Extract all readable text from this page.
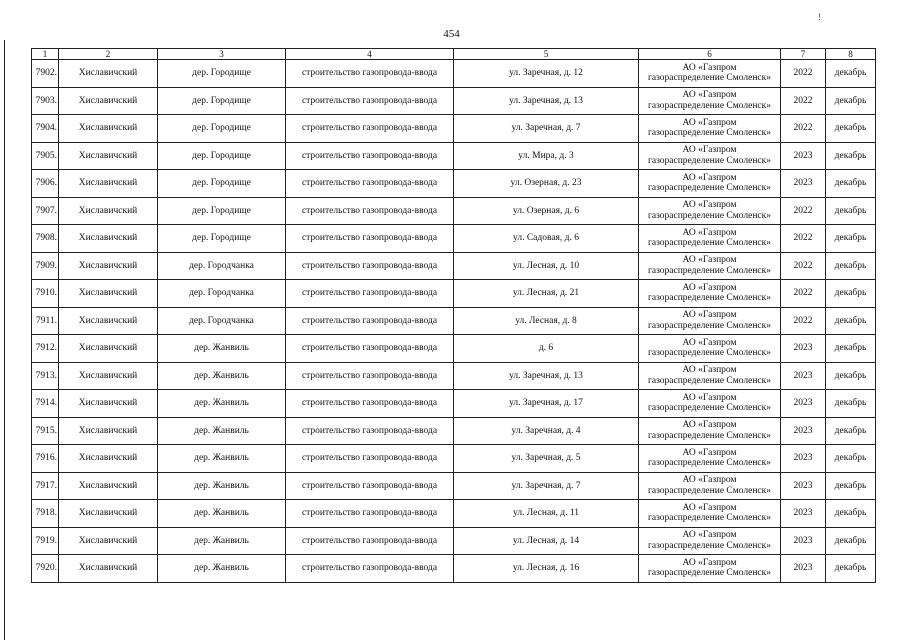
!
454
1	2	3	4	5	6	7	8
7902.	Хиславичский	дер. Городище	строительство газопровода-ввода	ул. Заречная, д. 12	АО «Газпром
газораспределение Смоленск»	2022	декабрь
7903.	Хиславичский	дер. Городище	строительство газопровода-ввода	ул. Заречная, д. 13	АО «Газпром
газораспределение Смоленск»	2022	декабрь
7904.	Хиславичский	дер. Городище	строительство газопровода-ввода	ул. Заречная, д. 7	АО «Газпром
газораспределение Смоленск»	2022	декабрь
7905.	Хиславичский	дер. Городище	строительство газопровода-ввода	ул. Мира, д. 3	АО «Газпром
газораспределение Смоленск»	2023	декабрь
7906.	Хиславичский	дер. Городище	строительство газопровода-ввода	ул. Озерная, д. 23	АО «Газпром
газораспределение Смоленск»	2023	декабрь
7907.	Хиславичский	дер. Городище	строительство газопровода-ввода	ул. Озерная, д. 6	АО «Газпром
газораспределение Смоленск»	2022	декабрь
7908.	Хиславичский	дер. Городище	строительство газопровода-ввода	ул. Садовая, д. 6	АО «Газпром
газораспределение Смоленск»	2022	декабрь
7909.	Хиславичский	дер. Городчанка	строительство газопровода-ввода	ул. Лесная, д. 10	АО «Газпром
газораспределение Смоленск»	2022	декабрь
7910.	Хиславичский	дер. Городчанка	строительство газопровода-ввода	ул. Лесная, д. 21	АО «Газпром
газораспределение Смоленск»	2022	декабрь
7911.	Хиславичский	дер. Городчанка	строительство газопровода-ввода	ул. Лесная, д. 8	АО «Газпром
газораспределение Смоленск»	2022	декабрь
7912.	Хиславичский	дер. Жанвиль	строительство газопровода-ввода	д. 6	АО «Газпром
газораспределение Смоленск»	2023	декабрь
7913.	Хиславичский	дер. Жанвиль	строительство газопровода-ввода	ул. Заречная, д. 13	АО «Газпром
газораспределение Смоленск»	2023	декабрь
7914.	Хиславичский	дер. Жанвиль	строительство газопровода-ввода	ул. Заречная, д. 17	АО «Газпром
газораспределение Смоленск»	2023	декабрь
7915.	Хиславичский	дер. Жанвиль	строительство газопровода-ввода	ул. Заречная, д. 4	АО «Газпром
газораспределение Смоленск»	2023	декабрь
7916.	Хиславичский	дер. Жанвиль	строительство газопровода-ввода	ул. Заречная, д. 5	АО «Газпром
газораспределение Смоленск»	2023	декабрь
7917.	Хиславичский	дер. Жанвиль	строительство газопровода-ввода	ул. Заречная, д. 7	АО «Газпром
газораспределение Смоленск»	2023	декабрь
7918.	Хиславичский	дер. Жанвиль	строительство газопровода-ввода	ул. Лесная, д. 11	АО «Газпром
газораспределение Смоленск»	2023	декабрь
7919.	Хиславичский	дер. Жанвиль	строительство газопровода-ввода	ул. Лесная, д. 14	АО «Газпром
газораспределение Смоленск»	2023	декабрь
7920.	Хиславичский	дер. Жанвиль	строительство газопровода-ввода	ул. Лесная, д. 16	АО «Газпром
газораспределение Смоленск»	2023	декабрь
